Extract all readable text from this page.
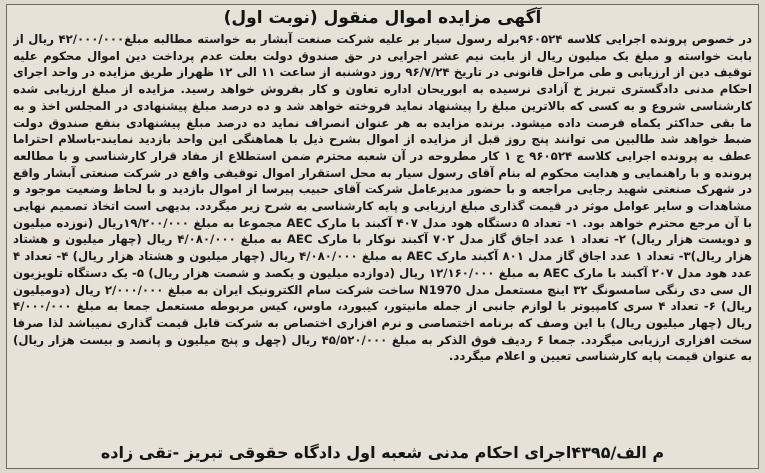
آگهی مزایده اموال منقول (نوبت اول)

در خصوص پرونده اجرایی کلاسه ۹۶۰۵۲۴برله رسول سیار بر علیه شرکت صنعت آبشار به خواسته مطالبه مبلغ۴۲/۰۰۰/۰۰۰ ریال از بابت خواسته و مبلغ یک میلیون ریال از بابت نیم عشر اجرایی در حق صندوق دولت بعلت عدم پرداخت دین اموال محکوم علیه توقیف دین از ارزیابی و طی مراحل قانونی در تاریخ ۹۶/۷/۲۴ روز دوشنبه از ساعت ۱۱ الی ۱۲ ظهراز طریق مزایده در واحد اجرای احکام مدنی دادگستری تبریز خ آزادی نرسیده به ابوریحان اداره تعاون و کار بفروش خواهد رسید. مزایده از مبلغ ارزیابی شده کارشناسی شروع و به کسی که بالاترین مبلغ را پیشنهاد نماید فروخته خواهد شد و ده درصد مبلغ پیشنهادی در المجلس اخذ و به ما بقی حداکثر یکماه فرصت داده میشود. برنده مزایده به هر عنوان انصراف نماید ده درصد مبلغ پیشنهادی بنفع صندوق دولت ضبط خواهد شد طالبین می توانند پنج روز قبل از مزایده از اموال بشرح ذیل با هماهنگی این واحد بازدید نمایند-باسلام احتراما عطف به پرونده اجرایی کلاسه ۹۶۰۵۲۴ ج ۱ کار مطروحه در آن شعبه محترم ضمن استطلاع از مفاد قرار کارشناسی و با مطالعه پرونده و با راهنمایی و هدایت محکوم له بنام آقای رسول سیار به محل استقرار اموال توقیفی واقع در شرکت صنعتی آبشار واقع در شهرک صنعتی شهید رجایی مراجعه و با حضور مدیرعامل شرکت آقای حبیب پیرسا از اموال بازدید و با لحاظ وضعیت موجود و مشاهدات و سایر عوامل موثر در قیمت گذاری مبلغ ارزیابی و پایه کارشناسی به شرح زیر میگردد. بدیهی است اتخاذ تصمیم نهایی با آن مرجع محترم خواهد بود. ۱- تعداد ۵ دستگاه هود مدل ۴۰۷ آکبند با مارک AEC مجموعا به مبلغ ۱۹/۲۰۰/۰۰۰ریال (نوزده میلیون و دویست هزار ریال) ۲- تعداد ۱ عدد اجاق گاز مدل ۷۰۲ آکبند نوکار با مارک AEC به مبلغ ۴/۰۸۰/۰۰۰ ریال (چهار میلیون و هشتاد هزار ریال)۳- تعداد ۱ عدد اجاق گاز مدل ۸۰۱ آکبند مارک AEC به مبلغ ۴/۰۸۰/۰۰۰ ریال (چهار میلیون و هشتاد هزار ریال) ۴- تعداد ۴ عدد هود مدل ۲۰۷ آکبند با مارک AEC به مبلغ ۱۲/۱۶۰/۰۰۰ ریال (دوازده میلیون و یکصد و شصت هزار ریال) ۵- یک دستگاه تلویزیون ال سی دی رنگی سامسونگ ۳۲ اینچ مستعمل مدل N1970 ساخت شرکت سام الکترونیک ایران به مبلغ ۲/۰۰۰/۰۰۰ ریال (دومیلیون ریال) ۶- تعداد ۴ سری کامپیوتر با لوازم جانبی از جمله مانیتور، کیبورد، ماوس، کیس مربوطه مستعمل جمعا به مبلغ ۴/۰۰۰/۰۰۰ ریال (چهار میلیون ریال) با این وصف که برنامه اختصاصی و نرم افزاری اختصاص به شرکت قابل قیمت گذاری نمیباشد لذا صرفا سخت افزاری ارزیابی میگردد. جمعا ۶ ردیف فوق الذکر به مبلغ ۴۵/۵۲۰/۰۰۰ ریال (چهل و پنج میلیون و پانصد و بیست هزار ریال) به عنوان قیمت پایه کارشناسی تعیین و اعلام میگردد.

م الف/۴۳۹۵اجرای احکام مدنی شعبه اول دادگاه حقوقی تبریز -تقی زاده
